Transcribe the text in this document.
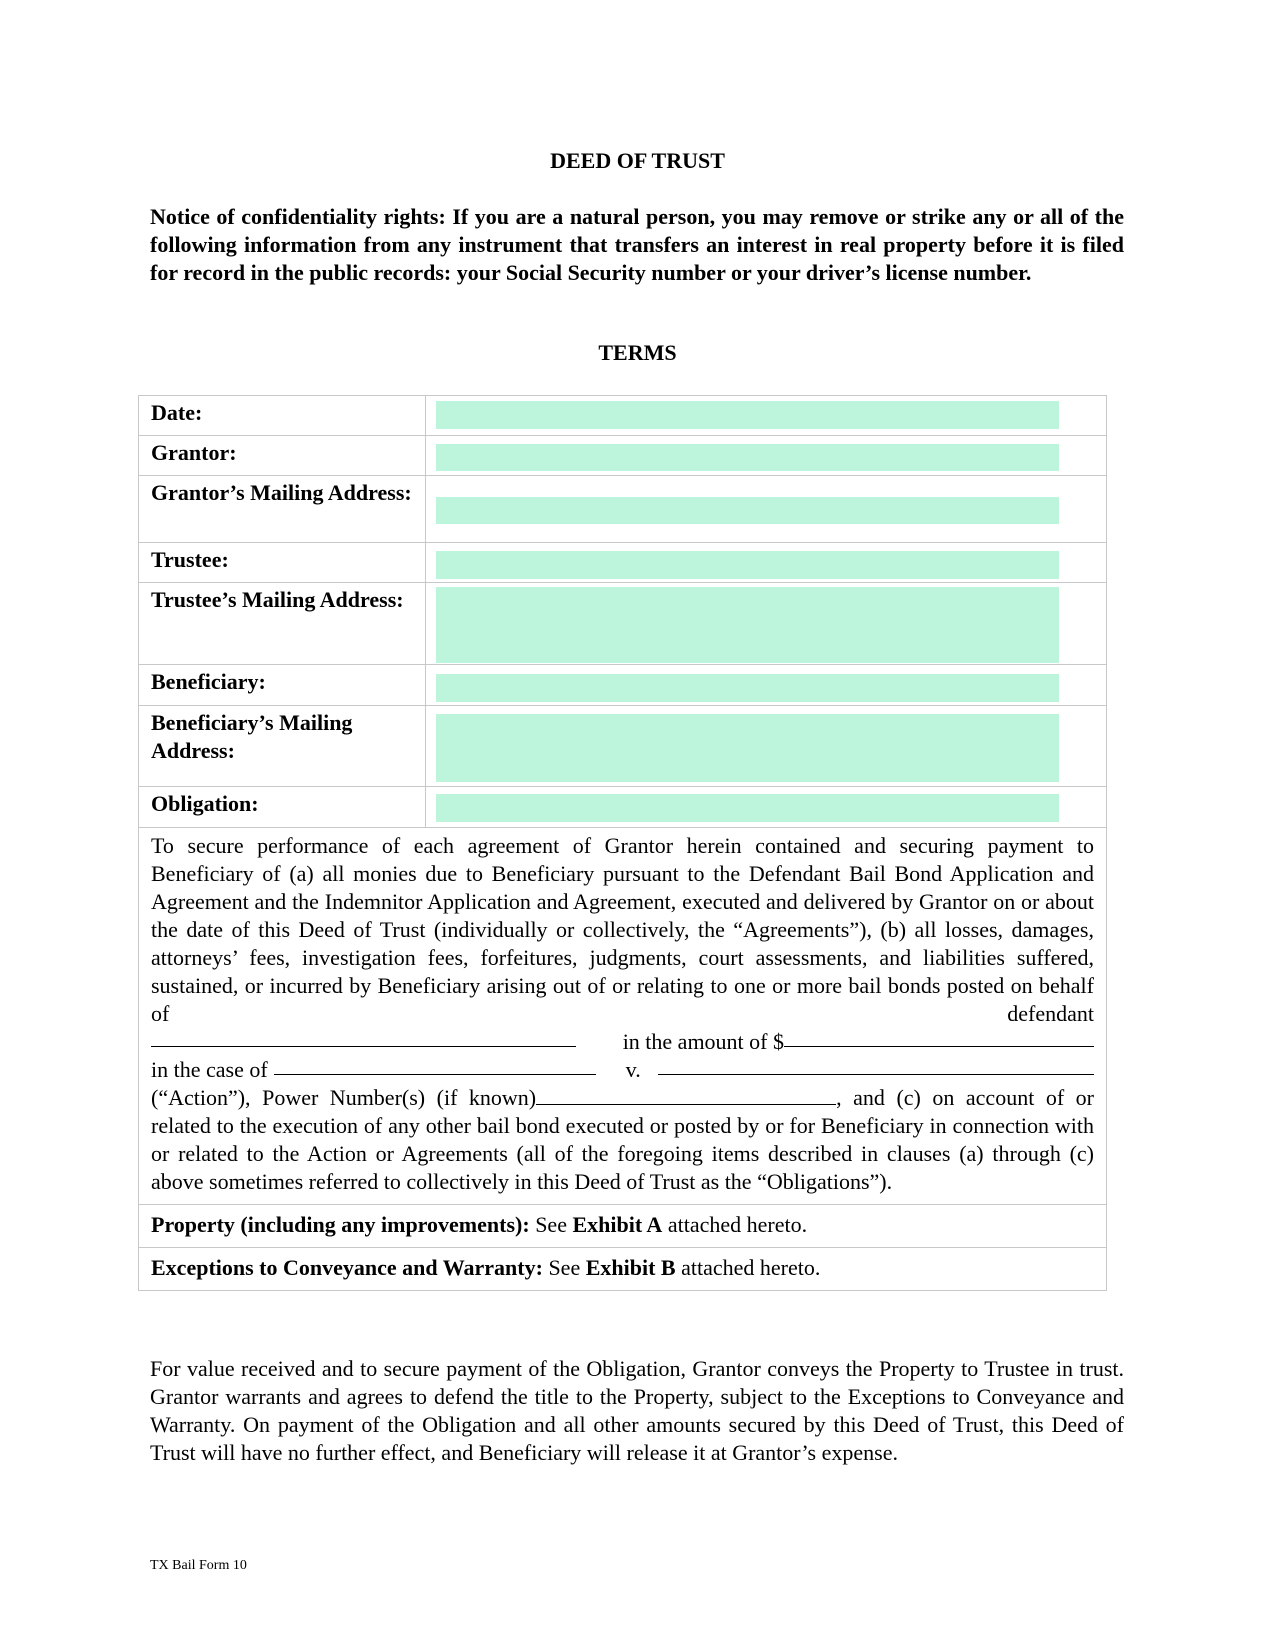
DEED OF TRUST
Notice of confidentiality rights: If you are a natural person, you may remove or strike any or all of the following information from any instrument that transfers an interest in real property before it is filed for record in the public records: your Social Security number or your driver’s license number.
TERMS
Date:	

Grantor:	

Grantor’s Mailing Address:	

Trustee:	

Trustee’s Mailing Address:	

Beneficiary:	

Beneficiary’s Mailing Address:	

Obligation:	

To secure performance of each agreement of Grantor herein contained and securing payment to Beneficiary of (a) all monies due to Beneficiary pursuant to the Defendant Bail Bond Application and Agreement and the Indemnitor Application and Agreement, executed and delivered by Grantor on or about the date of this Deed of Trust (individually or collectively, the “Agreements”), (b) all losses, damages, attorneys’ fees, investigation fees, forfeitures, judgments, court assessments, and liabilities suffered, sustained, or incurred by Beneficiary arising out of or relating to one or more bail bonds posted on behalf of defendant
in the amount of $
in the case of v.
(“Action”), Power Number(s) (if known) , and (c) on account of or related to the execution of any other bail bond executed or posted by or for Beneficiary in connection with or related to the Action or Agreements (all of the foregoing items described in clauses (a) through (c) above sometimes referred to collectively in this Deed of Trust as the “Obligations”).	

Property (including any improvements): See Exhibit A attached hereto.	
Exceptions to Conveyance and Warranty: See Exhibit B attached hereto.	
For value received and to secure payment of the Obligation, Grantor conveys the Property to Trustee in trust. Grantor warrants and agrees to defend the title to the Property, subject to the Exceptions to Conveyance and Warranty. On payment of the Obligation and all other amounts secured by this Deed of Trust, this Deed of Trust will have no further effect, and Beneficiary will release it at Grantor’s expense.
TX Bail Form 10
